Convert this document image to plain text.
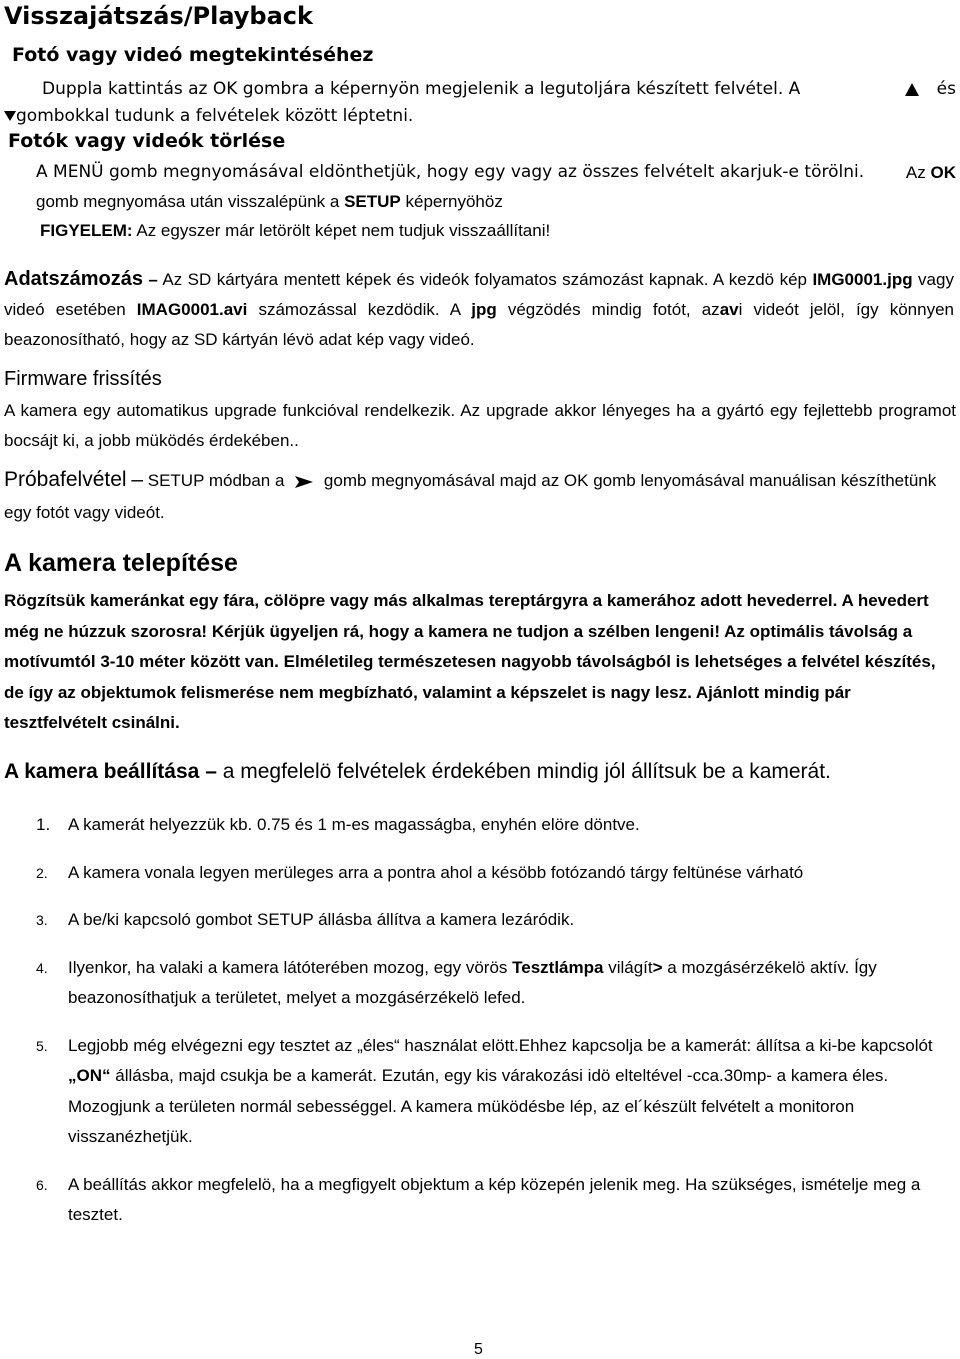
Visszajátszás/Playback
Fotó vagy videó megtekintéséhez
Duppla kattintás az OK gombra a képernyön megjelenik a legutoljára készített felvétel. A	és
gombokkal tudunk a felvételek között léptetni.
Fotók vagy videók törlése
A MENÜ gomb megnyomásával eldönthetjük, hogy egy vagy az összes felvételt akarjuk-e törölni. Az OK
gomb megnyomása után visszalépünk a SETUP képernyöhöz
FIGYELEM: Az egyszer már letörölt képet nem tudjuk visszaállítani!
Adatszámozás – Az SD kártyára mentett képek és videók folyamatos számozást kapnak. A kezdö kép IMG0001.jpg vagy videó esetében IMAG0001.avi számozással kezdödik. A jpg végzödés mindig fotót, azavi videót jelöl, így könnyen beazonosítható, hogy az SD kártyán lévö adat kép vagy videó.
Firmware frissítés
A kamera egy automatikus upgrade funkcióval rendelkezik. Az upgrade akkor lényeges ha a gyártó egy fejlettebb programot bocsájt ki, a jobb müködés érdekében..
Próbafelvétel – SETUP módban a gomb megnyomásával majd az OK gomb lenyomásával manuálisan készíthetünk egy fotót vagy videót.
A kamera telepítése
Rögzítsük kameránkat egy fára, cölöpre vagy más alkalmas tereptárgyra a kamerához adott hevederrel. A hevedert még ne húzzuk szorosra! Kérjük ügyeljen rá, hogy a kamera ne tudjon a szélben lengeni! Az optimális távolság a motívumtól 3-10 méter között van. Elméletileg természetesen nagyobb távolságból is lehetséges a felvétel készítés, de így az objektumok felismerése nem megbízható, valamint a képszelet is nagy lesz. Ajánlott mindig pár tesztfelvételt csinálni.
A kamera beállítása – a megfelelö felvételek érdekében mindig jól állítsuk be a kamerát.
1. A kamerát helyezzük kb. 0.75 és 1 m-es magasságba, enyhén elöre döntve.
2. A kamera vonala legyen merüleges arra a pontra ahol a késöbb fotózandó tárgy feltünése várható
3. A be/ki kapcsoló gombot SETUP állásba állítva a kamera lezáródik.
4. Ilyenkor, ha valaki a kamera látóterében mozog, egy vörös Tesztlámpa világít> a mozgásérzékelö aktív. Így beazonosíthatjuk a területet, melyet a mozgásérzékelö lefed.
5. Legjobb még elvégezni egy tesztet az „éles“ használat elött.Ehhez kapcsolja be a kamerát: állítsa a ki-be kapcsolót „ON“ állásba, majd csukja be a kamerát. Ezután, egy kis várakozási idö elteltével -cca.30mp- a kamera éles. Mozogjunk a területen normál sebességgel. A kamera müködésbe lép, az el´készült felvételt a monitoron visszanézhetjük.
6. A beállítás akkor megfelelö, ha a megfigyelt objektum a kép közepén jelenik meg. Ha szükséges, ismételje meg a tesztet.
5
